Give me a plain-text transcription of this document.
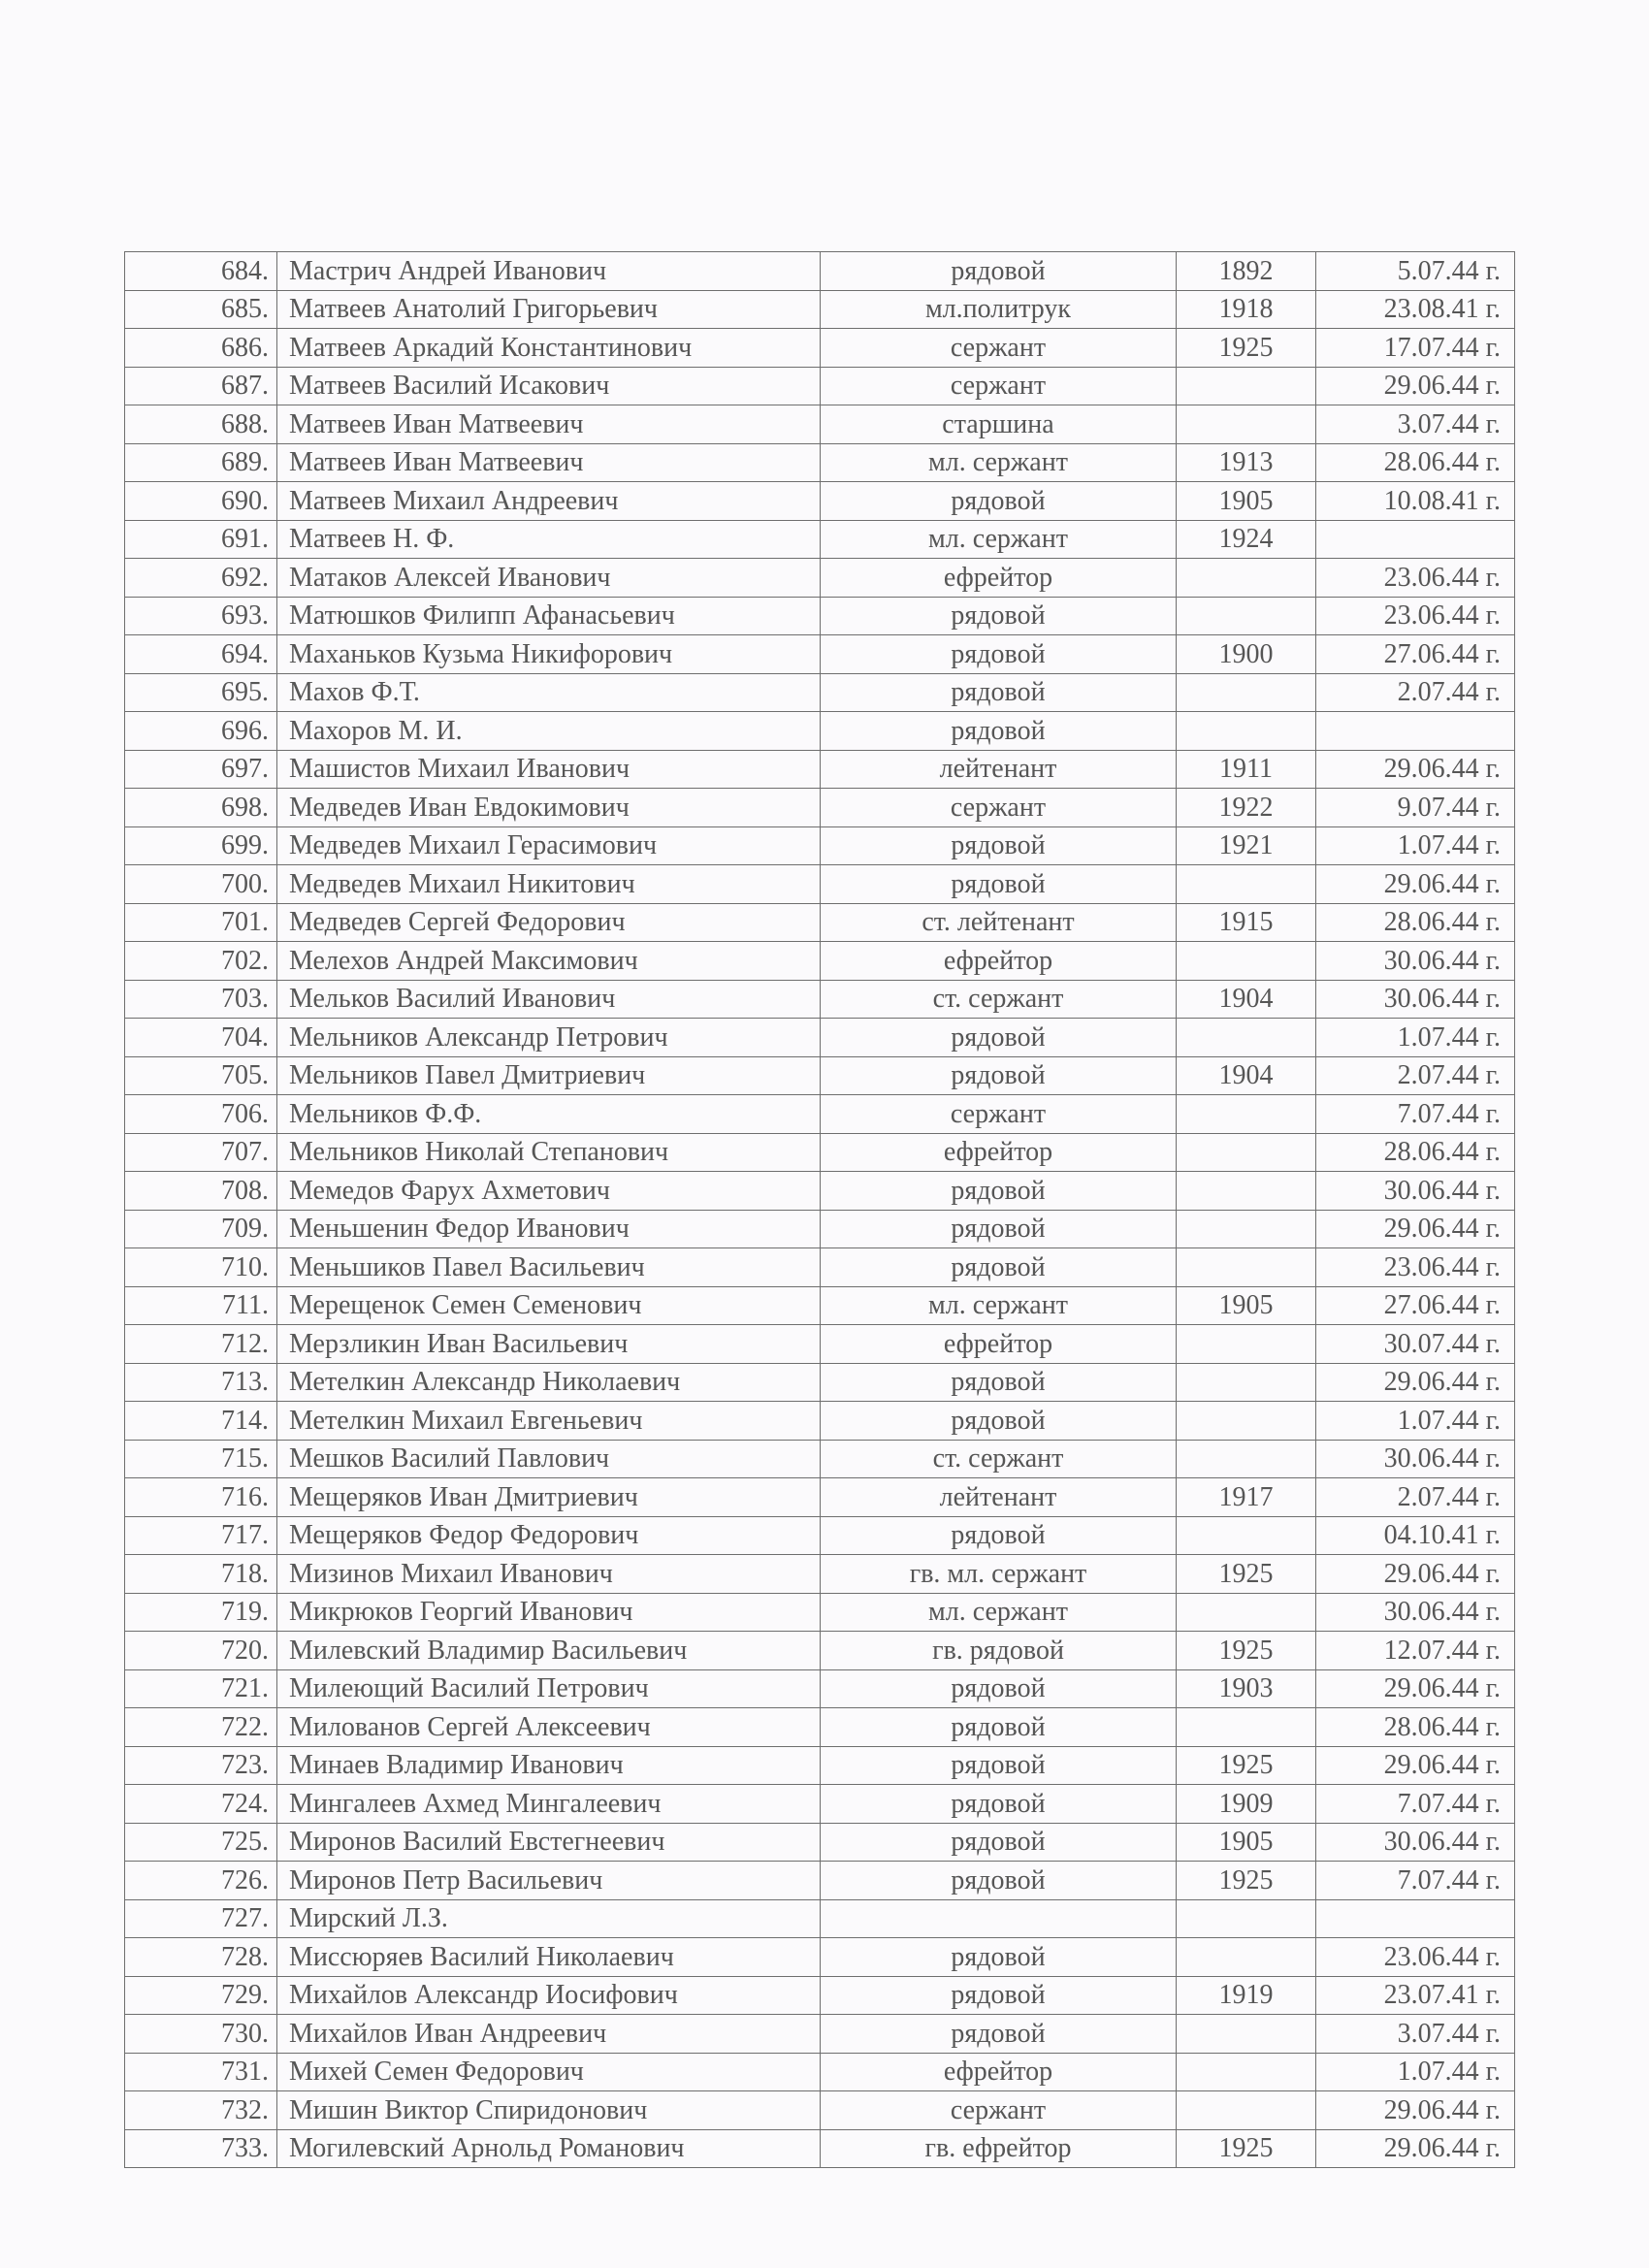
684.	Мастрич Андрей Иванович	рядовой	1892	5.07.44 г.
685.	Матвеев Анатолий Григорьевич	мл.политрук	1918	23.08.41 г.
686.	Матвеев Аркадий Константинович	сержант	1925	17.07.44 г.
687.	Матвеев Василий Исакович	сержант		29.06.44 г.
688.	Матвеев Иван Матвеевич	старшина		3.07.44 г.
689.	Матвеев Иван Матвеевич	мл. сержант	1913	28.06.44 г.
690.	Матвеев Михаил Андреевич	рядовой	1905	10.08.41 г.
691.	Матвеев Н. Ф.	мл. сержант	1924	
692.	Матаков Алексей Иванович	ефрейтор		23.06.44 г.
693.	Матюшков Филипп Афанасьевич	рядовой		23.06.44 г.
694.	Маханьков Кузьма Никифорович	рядовой	1900	27.06.44 г.
695.	Махов Ф.Т.	рядовой		2.07.44 г.
696.	Махоров М. И.	рядовой		
697.	Машистов Михаил Иванович	лейтенант	1911	29.06.44 г.
698.	Медведев Иван Евдокимович	сержант	1922	9.07.44 г.
699.	Медведев Михаил Герасимович	рядовой	1921	1.07.44 г.
700.	Медведев Михаил Никитович	рядовой		29.06.44 г.
701.	Медведев Сергей Федорович	ст. лейтенант	1915	28.06.44 г.
702.	Мелехов Андрей Максимович	ефрейтор		30.06.44 г.
703.	Мельков Василий Иванович	ст. сержант	1904	30.06.44 г.
704.	Мельников Александр Петрович	рядовой		1.07.44 г.
705.	Мельников Павел Дмитриевич	рядовой	1904	2.07.44 г.
706.	Мельников Ф.Ф.	сержант		7.07.44 г.
707.	Мельников Николай Степанович	ефрейтор		28.06.44 г.
708.	Мемедов Фарух Ахметович	рядовой		30.06.44 г.
709.	Меньшенин Федор Иванович	рядовой		29.06.44 г.
710.	Меньшиков Павел Васильевич	рядовой		23.06.44 г.
711.	Мерещенок Семен Семенович	мл. сержант	1905	27.06.44 г.
712.	Мерзликин Иван Васильевич	ефрейтор		30.07.44 г.
713.	Метелкин Александр Николаевич	рядовой		29.06.44 г.
714.	Метелкин Михаил Евгеньевич	рядовой		1.07.44 г.
715.	Мешков Василий Павлович	ст. сержант		30.06.44 г.
716.	Мещеряков Иван Дмитриевич	лейтенант	1917	2.07.44 г.
717.	Мещеряков Федор Федорович	рядовой		04.10.41 г.
718.	Мизинов Михаил Иванович	гв. мл. сержант	1925	29.06.44 г.
719.	Микрюков Георгий Иванович	мл. сержант		30.06.44 г.
720.	Милевский Владимир Васильевич	гв. рядовой	1925	12.07.44 г.
721.	Милеющий Василий Петрович	рядовой	1903	29.06.44 г.
722.	Милованов Сергей Алексеевич	рядовой		28.06.44 г.
723.	Минаев Владимир Иванович	рядовой	1925	29.06.44 г.
724.	Мингалеев Ахмед Мингалеевич	рядовой	1909	7.07.44 г.
725.	Миронов Василий Евстегнеевич	рядовой	1905	30.06.44 г.
726.	Миронов Петр Васильевич	рядовой	1925	7.07.44 г.
727.	Мирский Л.З.			
728.	Миссюряев Василий Николаевич	рядовой		23.06.44 г.
729.	Михайлов Александр Иосифович	рядовой	1919	23.07.41 г.
730.	Михайлов Иван Андреевич	рядовой		3.07.44 г.
731.	Михей Семен Федорович	ефрейтор		1.07.44 г.
732.	Мишин Виктор Спиридонович	сержант		29.06.44 г.
733.	Могилевский Арнольд Романович	гв. ефрейтор	1925	29.06.44 г.
